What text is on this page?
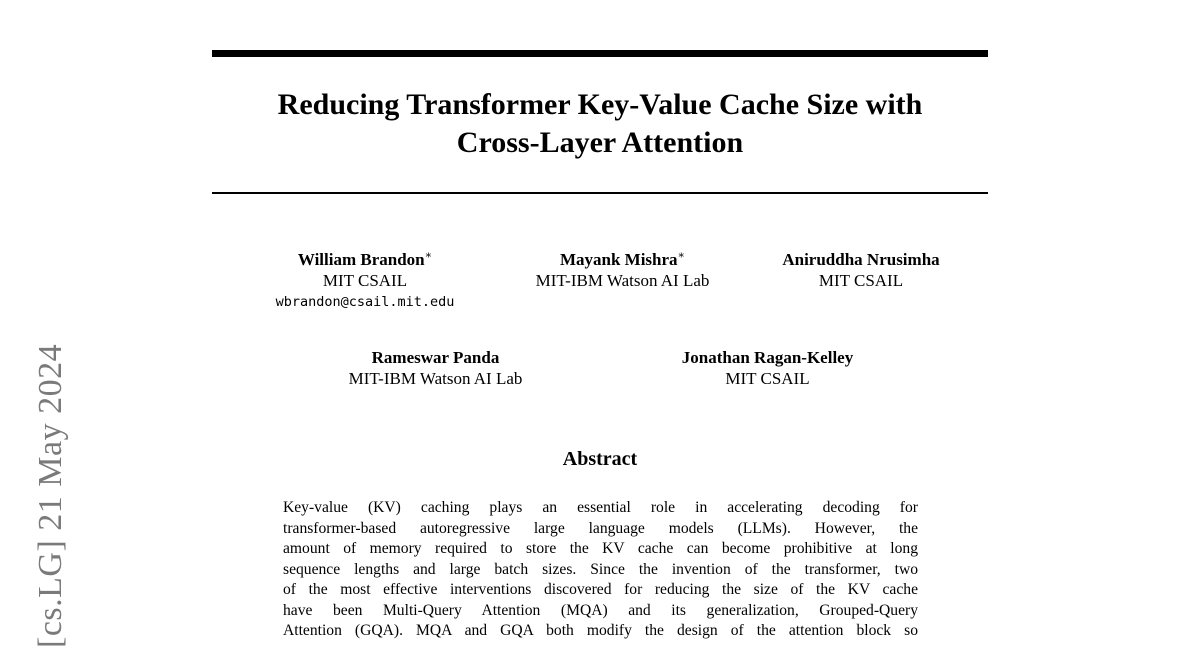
[cs.LG] 21 May 2024
Reducing Transformer Key-Value Cache Size with
Cross-Layer Attention
William Brandon∗
MIT CSAIL
wbrandon@csail.mit.edu
Mayank Mishra∗
MIT-IBM Watson AI Lab
Aniruddha Nrusimha
MIT CSAIL
Rameswar Panda
MIT-IBM Watson AI Lab
Jonathan Ragan-Kelley
MIT CSAIL
Abstract
Key-value (KV) caching plays an essential role in accelerating decoding for
transformer-based autoregressive large language models (LLMs). However, the
amount of memory required to store the KV cache can become prohibitive at long
sequence lengths and large batch sizes. Since the invention of the transformer, two
of the most effective interventions discovered for reducing the size of the KV cache
have been Multi-Query Attention (MQA) and its generalization, Grouped-Query
Attention (GQA). MQA and GQA both modify the design of the attention block so
